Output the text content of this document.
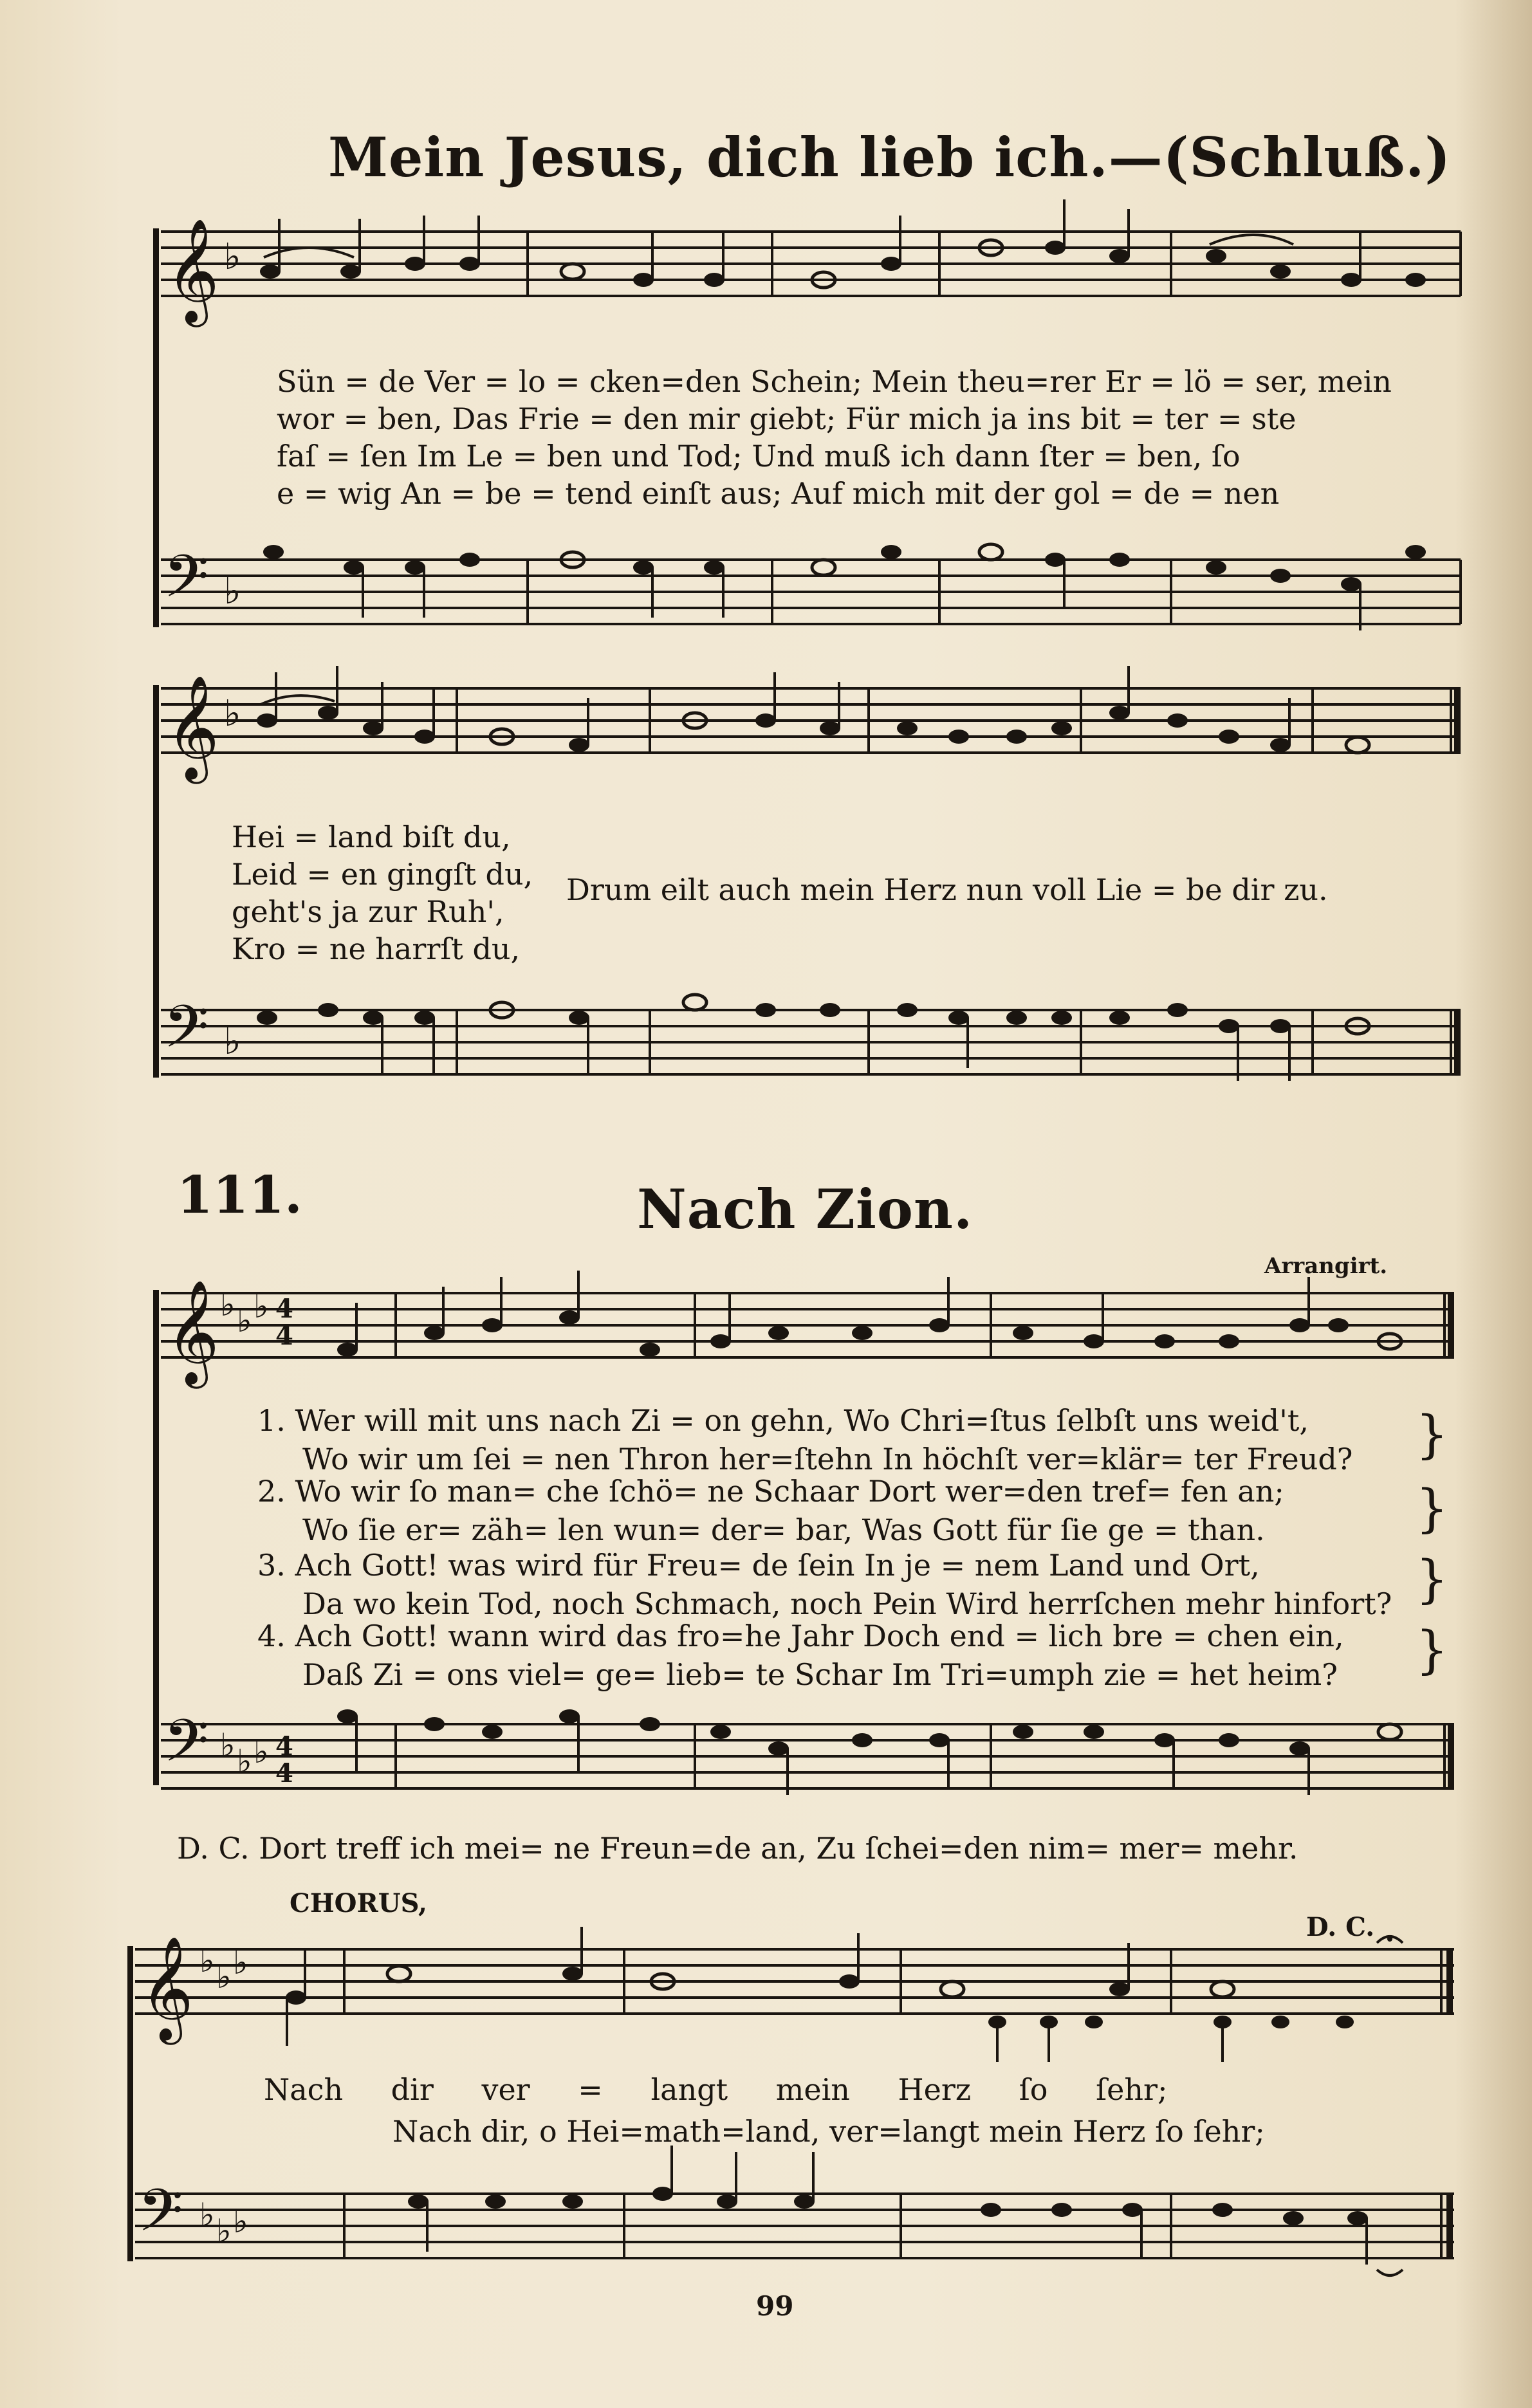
Mein Jesus, dich lieb ich.—(Schluß.)
𝄞 ♭
Sün = de Ver = lo = cken=den Schein; Mein theu=rer Er = lö = ser, mein
wor = ben, Das Frie = den mir giebt; Für mich ja ins bit = ter = ste
faſ = ſen Im Le = ben und Tod; Und muß ich dann ſter = ben, ſo
e = wig An = be = tend einſt aus; Auf mich mit der gol = de = nen
𝄢 ♭
𝄞 ♭
Hei = land biſt du,
Leid = en gingſt du, Drum eilt auch mein Herz nun voll Lie = be dir zu.
geht's ja zur Ruh',
Kro = ne harrſt du,
𝄢 ♭
111.	Nach Zion.
Arrangirt.
𝄞 ♭ ♭ ♭ 4
4
1. Wer will mit uns nach Zi = on gehn, Wo Chri=ſtus ſelbſt uns weid't,
Wo wir um ſei = nen Thron her=ſtehn In höchſt ver=klär= ter Freud?
2. Wo wir ſo man= che ſchö= ne Schaar Dort wer=den tref= fen an;
Wo ſie er= zäh= len wun= der= bar, Was Gott für ſie ge = than.
3. Ach Gott! was wird für Freu= de ſein In je = nem Land und Ort,
Da wo kein Tod, noch Schmach, noch Pein Wird herrſchen mehr hinfort?
4. Ach Gott! wann wird das fro=he Jahr Doch end = lich bre = chen ein,
Daß Zi = ons viel= ge= lieb= te Schar Im Tri=umph zie = het heim?
}
}
}
}
𝄢 ♭ ♭ ♭ 4
4
D. C. Dort treff ich mei= ne Freun=de an, Zu ſchei=den nim= mer= mehr.
CHORUS,
D. C.
𝄞 ♭ ♭ ♭
Nach dir ver = langt mein Herz ſo ſehr;
Nach dir, o Hei=math=land, ver=langt mein Herz ſo ſehr;
𝄢 ♭ ♭ ♭
99
